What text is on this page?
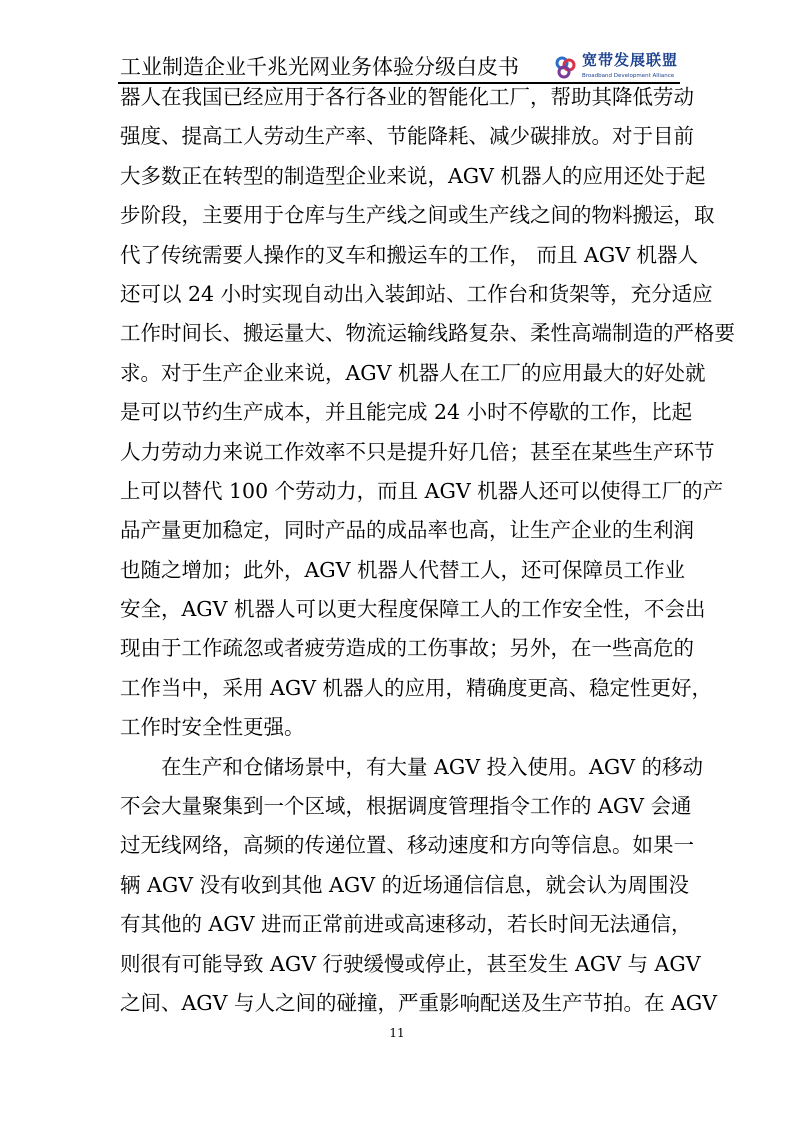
工业制造企业千兆光网业务体验分级白皮书	宽带发展联盟
Broadband Development Alliance
器人在我国已经应用于各行各业的智能化工厂，帮助其降低劳动
强度、提高工人劳动生产率、节能降耗、减少碳排放。对于目前
大多数正在转型的制造型企业来说，AGV 机器人的应用还处于起
步阶段，主要用于仓库与生产线之间或生产线之间的物料搬运，取
代了传统需要人操作的叉车和搬运车的工作， 而且 AGV 机器人
还可以 24 小时实现自动出入装卸站、工作台和货架等，充分适应
工作时间长、搬运量大、物流运输线路复杂、柔性高端制造的严格要
求。对于生产企业来说，AGV 机器人在工厂的应用最大的好处就
是可以节约生产成本，并且能完成 24 小时不停歇的工作，比起
人力劳动力来说工作效率不只是提升好几倍；甚至在某些生产环节
上可以替代 100 个劳动力，而且 AGV 机器人还可以使得工厂的产
品产量更加稳定，同时产品的成品率也高，让生产企业的生利润
也随之增加；此外，AGV 机器人代替工人，还可保障员工作业
安全，AGV 机器人可以更大程度保障工人的工作安全性，不会出
现由于工作疏忽或者疲劳造成的工伤事故；另外，在一些高危的
工作当中，采用 AGV 机器人的应用，精确度更高、稳定性更好，
工作时安全性更强。
在生产和仓储场景中，有大量 AGV 投入使用。AGV 的移动
不会大量聚集到一个区域，根据调度管理指令工作的 AGV 会通
过无线网络，高频的传递位置、移动速度和方向等信息。如果一
辆 AGV 没有收到其他 AGV 的近场通信信息，就会认为周围没
有其他的 AGV 进而正常前进或高速移动，若长时间无法通信，
则很有可能导致 AGV 行驶缓慢或停止，甚至发生 AGV 与 AGV
之间、AGV 与人之间的碰撞，严重影响配送及生产节拍。在 AGV
11
